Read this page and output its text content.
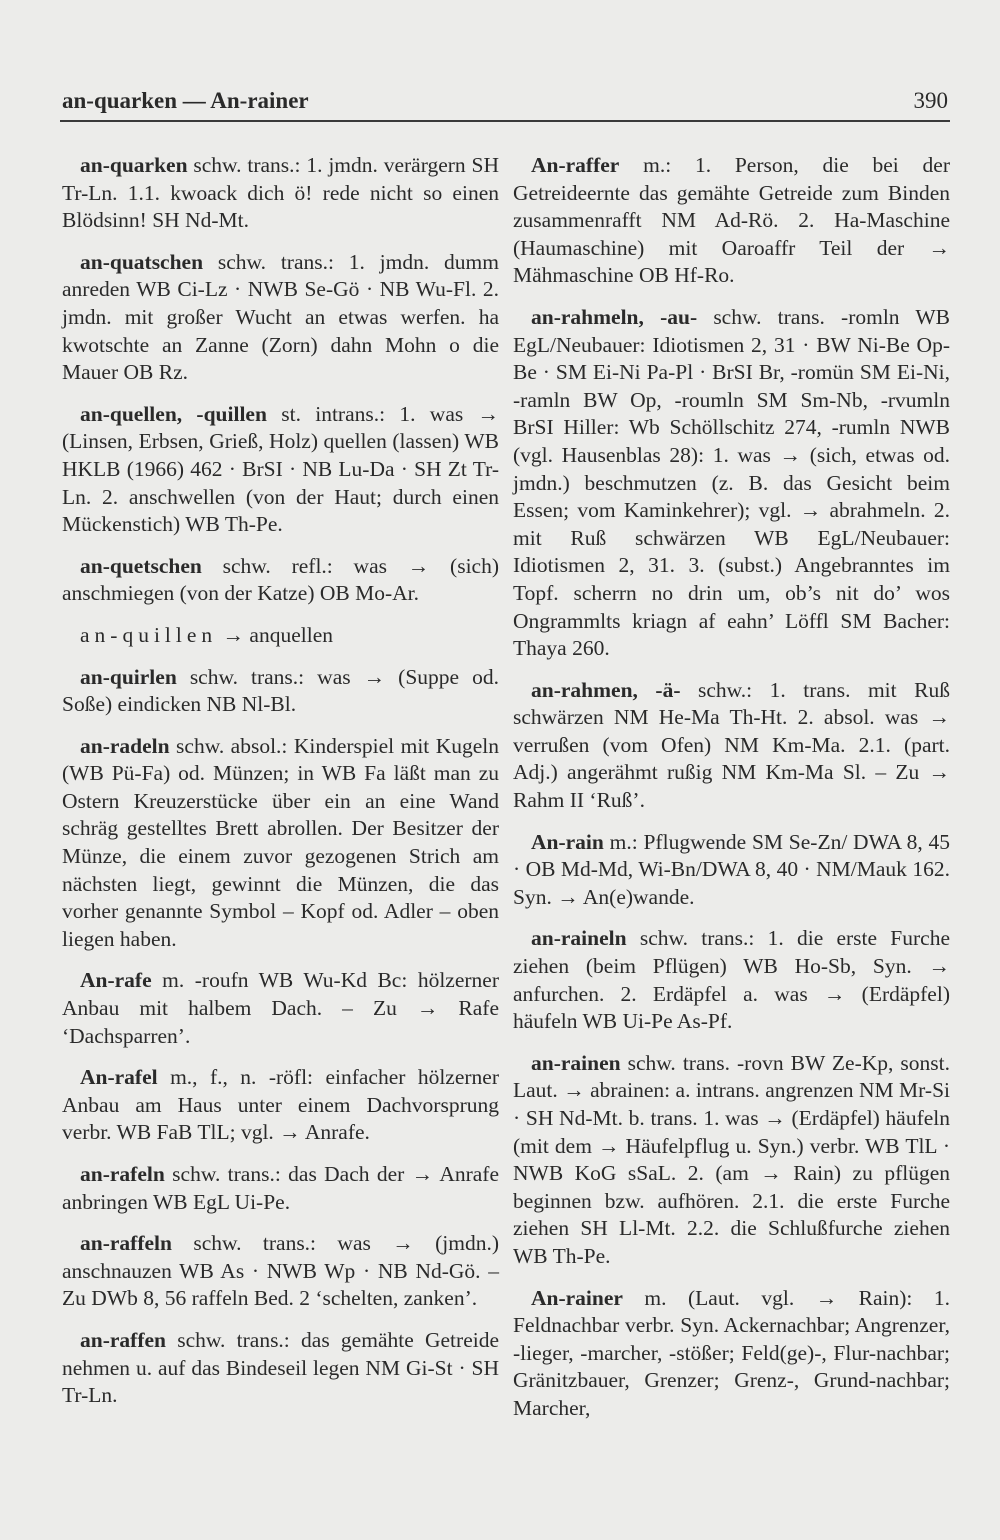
an-quarken — An-rainer	390

an-quarken schw. trans.: 1. jmdn. verärgern SH Tr-Ln. 1.1. kwoack dich ö! rede nicht so einen Blödsinn! SH Nd-Mt.

an-quatschen schw. trans.: 1. jmdn. dumm anreden WB Ci-Lz · NWB Se-Gö · NB Wu-Fl. 2. jmdn. mit großer Wucht an etwas werfen. ha kwotschte an Zanne (Zorn) dahn Mohn o die Mauer OB Rz.

an-quellen, -quillen st. intrans.: 1. was → (Linsen, Erbsen, Grieß, Holz) quellen (lassen) WB HKLB (1966) 462 · BrSI · NB Lu-Da · SH Zt Tr-Ln. 2. anschwellen (von der Haut; durch einen Mückenstich) WB Th-Pe.

an-quetschen schw. refl.: was → (sich) anschmiegen (von der Katze) OB Mo-Ar.

an-quillen → anquellen

an-quirlen schw. trans.: was → (Suppe od. Soße) eindicken NB Nl-Bl.

an-radeln schw. absol.: Kinderspiel mit Kugeln (WB Pü-Fa) od. Münzen; in WB Fa läßt man zu Ostern Kreuzerstücke über ein an eine Wand schräg gestelltes Brett abrollen. Der Besitzer der Münze, die einem zuvor gezogenen Strich am nächsten liegt, gewinnt die Münzen, die das vorher genannte Symbol – Kopf od. Adler – oben liegen haben.

An-rafe m. -roufn WB Wu-Kd Bc: hölzerner Anbau mit halbem Dach. – Zu → Rafe ‘Dachsparren’.

An-rafel m., f., n. -röfl: einfacher hölzerner Anbau am Haus unter einem Dachvorsprung verbr. WB FaB TlL; vgl. → Anrafe.

an-rafeln schw. trans.: das Dach der → Anrafe anbringen WB EgL Ui-Pe.

an-raffeln schw. trans.: was → (jmdn.) anschnauzen WB As · NWB Wp · NB Nd-Gö. – Zu DWb 8, 56 raffeln Bed. 2 ‘schelten, zanken’.

an-raffen schw. trans.: das gemähte Getreide nehmen u. auf das Bindeseil legen NM Gi-St · SH Tr-Ln.

An-raffer m.: 1. Person, die bei der Getreideernte das gemähte Getreide zum Binden zusammenrafft NM Ad-Rö. 2. Ha-Maschine (Haumaschine) mit Oaroaffr Teil der → Mähmaschine OB Hf-Ro.

an-rahmeln, -au- schw. trans. -romln WB EgL/Neubauer: Idiotismen 2, 31 · BW Ni-Be Op-Be · SM Ei-Ni Pa-Pl · BrSI Br, -romün SM Ei-Ni, -ramln BW Op, -roumln SM Sm-Nb, -rvumln BrSI Hiller: Wb Schöllschitz 274, -rumln NWB (vgl. Hausenblas 28): 1. was → (sich, etwas od. jmdn.) beschmutzen (z. B. das Gesicht beim Essen; vom Kaminkehrer); vgl. → abrahmeln. 2. mit Ruß schwärzen WB EgL/Neubauer: Idiotismen 2, 31. 3. (subst.) Angebranntes im Topf. scherrn no drin um, ob’s nit do’ wos Ongrammlts kriagn af eahn’ Löffl SM Bacher: Thaya 260.

an-rahmen, -ä- schw.: 1. trans. mit Ruß schwärzen NM He-Ma Th-Ht. 2. absol. was → verrußen (vom Ofen) NM Km-Ma. 2.1. (part. Adj.) angerähmt rußig NM Km-Ma Sl. – Zu → Rahm II ‘Ruß’.

An-rain m.: Pflugwende SM Se-Zn/ DWA 8, 45 · OB Md-Md, Wi-Bn/DWA 8, 40 · NM/Mauk 162. Syn. → An(e)wande.

an-raineln schw. trans.: 1. die erste Furche ziehen (beim Pflügen) WB Ho-Sb, Syn. → anfurchen. 2. Erdäpfel a. was → (Erdäpfel) häufeln WB Ui-Pe As-Pf.

an-rainen schw. trans. -rovn BW Ze-Kp, sonst. Laut. → abrainen: a. intrans. angrenzen NM Mr-Si · SH Nd-Mt. b. trans. 1. was → (Erdäpfel) häufeln (mit dem → Häufelpflug u. Syn.) verbr. WB TlL · NWB KoG sSaL. 2. (am → Rain) zu pflügen beginnen bzw. aufhören. 2.1. die erste Furche ziehen SH Ll-Mt. 2.2. die Schlußfurche ziehen WB Th-Pe.

An-rainer m. (Laut. vgl. → Rain): 1. Feldnachbar verbr. Syn. Ackernachbar; Angrenzer, -lieger, -marcher, -stößer; Feld(ge)-, Flur-nachbar; Gränitzbauer, Grenzer; Grenz-, Grund-nachbar; Marcher,
